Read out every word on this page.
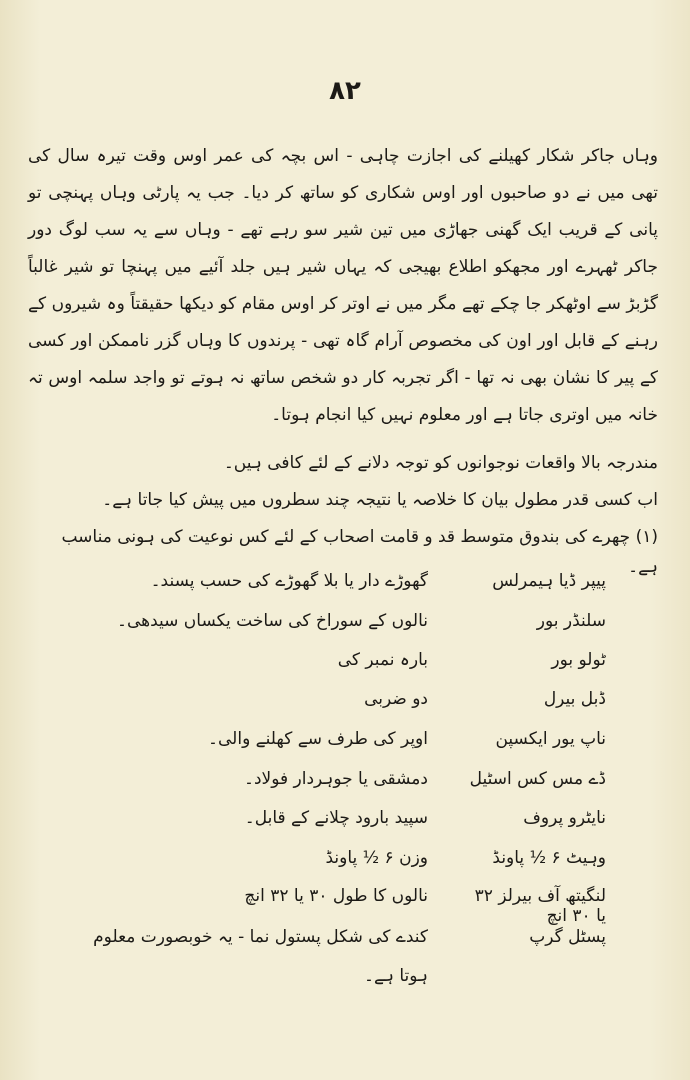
۸۲

وہاں جاکر شکار کھیلنے کی اجازت چاہی - اس بچہ کی عمر اوس وقت تیرہ سال کی تھی میں نے دو صاحبوں اور اوس شکاری کو ساتھ کر دیا۔ جب یہ پارٹی وہاں پہنچی تو پانی کے قریب ایک گھنی جھاڑی میں تین شیر سو رہے تھے - وہاں سے یہ سب لوگ دور جاکر ٹھہرے اور مجھکو اطلاع بھیجی کہ یہاں شیر ہیں جلد آئیے میں پہنچا تو شیر غالباً گڑبڑ سے اوٹھکر جا چکے تھے مگر میں نے اوتر کر اوس مقام کو دیکھا حقیقتاً وہ شیروں کے رہنے کے قابل اور اون کی مخصوص آرام گاہ تھی - پرندوں کا وہاں گزر ناممکن اور کسی کے پیر کا نشان بھی نہ تھا - اگر تجربہ کار دو شخص ساتھ نہ ہوتے تو واجد سلمہ اوس تہ خانہ میں اوتری جاتا ہے اور معلوم نہیں کیا انجام ہوتا۔

مندرجہ بالا واقعات نوجوانوں کو توجہ دلانے کے لئے کافی ہیں۔
اب کسی قدر مطول بیان کا خلاصہ یا نتیجہ چند سطروں میں پیش کیا جاتا ہے۔
(۱) چھرے کی بندوق متوسط قد و قامت اصحاب کے لئے کس نوعیت کی ہونی مناسب ہے۔
پیپر ڈیا ہیمرلس
گھوڑے دار یا بلا گھوڑے کی حسب پسند۔
سلنڈر بور
نالوں کے سوراخ کی ساخت یکساں سیدھی۔
ٹولو بور
بارہ نمبر کی
ڈبل بیرل
دو ضربی
ناپ یور ایکسپن
اوپر کی طرف سے کھلنے والی۔
ڈے مس کس اسٹیل
دمشقی یا جوہردار فولاد۔
نایٹرو پروف
سپید بارود چلانے کے قابل۔
وہیٹ ۶ ½ پاونڈ
وزن ۶ ½ پاونڈ
لنگیتھ آف بیرلز ۳۲ یا ۳۰ انچ
نالوں کا طول ۳۰ یا ۳۲ انچ
پسٹل گرپ
کندے کی شکل پستول نما - یہ خوبصورت معلوم
ہوتا ہے۔
